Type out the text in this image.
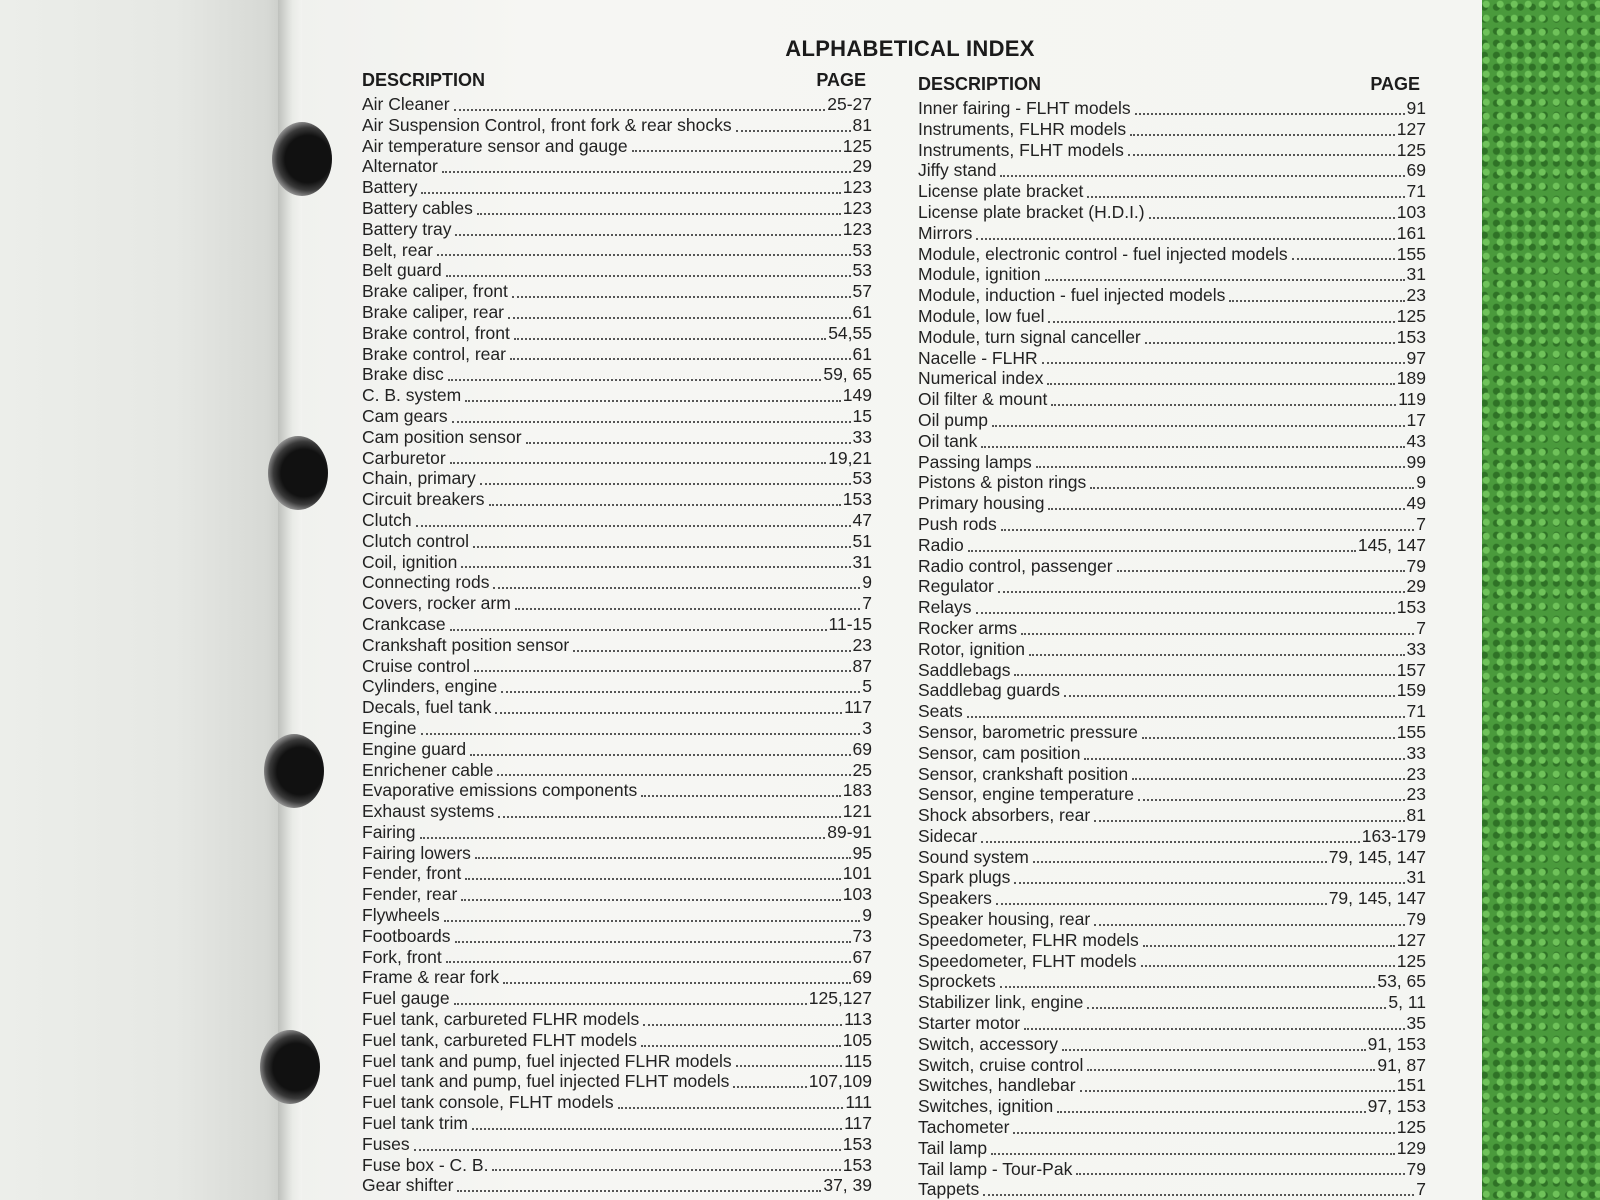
ALPHABETICAL INDEX
DESCRIPTION	PAGE
Air Cleaner	25-27
Air Suspension Control, front fork & rear shocks	81
Air temperature sensor and gauge	125
Alternator	29
Battery	123
Battery cables	123
Battery tray	123
Belt, rear	53
Belt guard	53
Brake caliper, front	57
Brake caliper, rear	61
Brake control, front	54,55
Brake control, rear	61
Brake disc	59, 65
C. B. system	149
Cam gears	15
Cam position sensor	33
Carburetor	19,21
Chain, primary	53
Circuit breakers	153
Clutch	47
Clutch control	51
Coil, ignition	31
Connecting rods	9
Covers, rocker arm	7
Crankcase	11-15
Crankshaft position sensor	23
Cruise control	87
Cylinders, engine	5
Decals, fuel tank	117
Engine	3
Engine guard	69
Enrichener cable	25
Evaporative emissions components	183
Exhaust systems	121
Fairing	89-91
Fairing lowers	95
Fender, front	101
Fender, rear	103
Flywheels	9
Footboards	73
Fork, front	67
Frame & rear fork	69
Fuel gauge	125,127
Fuel tank, carbureted FLHR models	113
Fuel tank, carbureted FLHT models	105
Fuel tank and pump, fuel injected FLHR models	115
Fuel tank and pump, fuel injected FLHT models	107,109
Fuel tank console, FLHT models	111
Fuel tank trim	117
Fuses	153
Fuse box - C. B.	153
Gear shifter	37, 39
DESCRIPTION	PAGE
Inner fairing - FLHT models	91
Instruments, FLHR models	127
Instruments, FLHT models	125
Jiffy stand	69
License plate bracket	71
License plate bracket (H.D.I.)	103
Mirrors	161
Module, electronic control - fuel injected models	155
Module, ignition	31
Module, induction - fuel injected models	23
Module, low fuel	125
Module, turn signal canceller	153
Nacelle - FLHR	97
Numerical index	189
Oil filter & mount	119
Oil pump	17
Oil tank	43
Passing lamps	99
Pistons & piston rings	9
Primary housing	49
Push rods	7
Radio	145, 147
Radio control, passenger	79
Regulator	29
Relays	153
Rocker arms	7
Rotor, ignition	33
Saddlebags	157
Saddlebag guards	159
Seats	71
Sensor, barometric pressure	155
Sensor, cam position	33
Sensor, crankshaft position	23
Sensor, engine temperature	23
Shock absorbers, rear	81
Sidecar	163-179
Sound system	79, 145, 147
Spark plugs	31
Speakers	79, 145, 147
Speaker housing, rear	79
Speedometer, FLHR models	127
Speedometer, FLHT models	125
Sprockets	53, 65
Stabilizer link, engine	5, 11
Starter motor	35
Switch, accessory	91, 153
Switch, cruise control	91, 87
Switches, handlebar	151
Switches, ignition	97, 153
Tachometer	125
Tail lamp	129
Tail lamp - Tour-Pak	79
Tappets	7
